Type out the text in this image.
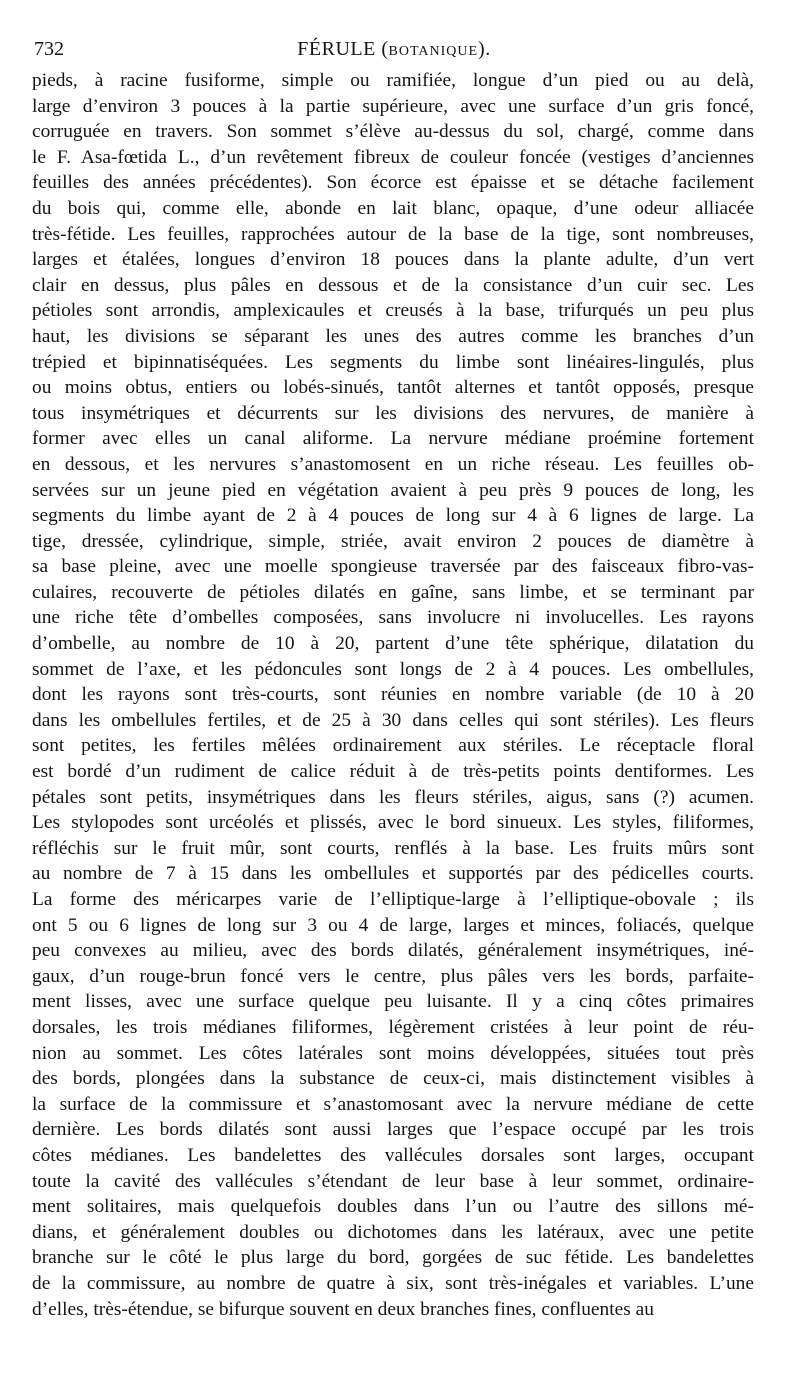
732	FÉRULE (BOTANIQUE).
pieds, à racine fusiforme, simple ou ramifiée, longue d’un pied ou au delà,
large d’environ 3 pouces à la partie supérieure, avec une surface d’un gris foncé,
corruguée en travers. Son sommet s’élève au-dessus du sol, chargé, comme dans
le F. Asa-fœtida L., d’un revêtement fibreux de couleur foncée (vestiges d’anciennes
feuilles des années précédentes). Son écorce est épaisse et se détache facilement
du bois qui, comme elle, abonde en lait blanc, opaque, d’une odeur alliacée
très-fétide. Les feuilles, rapprochées autour de la base de la tige, sont nombreuses,
larges et étalées, longues d’environ 18 pouces dans la plante adulte, d’un vert
clair en dessus, plus pâles en dessous et de la consistance d’un cuir sec. Les
pétioles sont arrondis, amplexicaules et creusés à la base, trifurqués un peu plus
haut, les divisions se séparant les unes des autres comme les branches d’un
trépied et bipinnatiséquées. Les segments du limbe sont linéaires-lingulés, plus
ou moins obtus, entiers ou lobés-sinués, tantôt alternes et tantôt opposés, presque
tous insymétriques et décurrents sur les divisions des nervures, de manière à
former avec elles un canal aliforme. La nervure médiane proémine fortement
en dessous, et les nervures s’anastomosent en un riche réseau. Les feuilles ob-
servées sur un jeune pied en végétation avaient à peu près 9 pouces de long, les
segments du limbe ayant de 2 à 4 pouces de long sur 4 à 6 lignes de large. La
tige, dressée, cylindrique, simple, striée, avait environ 2 pouces de diamètre à
sa base pleine, avec une moelle spongieuse traversée par des faisceaux fibro-vas-
culaires, recouverte de pétioles dilatés en gaîne, sans limbe, et se terminant par
une riche tête d’ombelles composées, sans involucre ni involucelles. Les rayons
d’ombelle, au nombre de 10 à 20, partent d’une tête sphérique, dilatation du
sommet de l’axe, et les pédoncules sont longs de 2 à 4 pouces. Les ombellules,
dont les rayons sont très-courts, sont réunies en nombre variable (de 10 à 20
dans les ombellules fertiles, et de 25 à 30 dans celles qui sont stériles). Les fleurs
sont petites, les fertiles mêlées ordinairement aux stériles. Le réceptacle floral
est bordé d’un rudiment de calice réduit à de très-petits points dentiformes. Les
pétales sont petits, insymétriques dans les fleurs stériles, aigus, sans (?) acumen.
Les stylopodes sont urcéolés et plissés, avec le bord sinueux. Les styles, filiformes,
réfléchis sur le fruit mûr, sont courts, renflés à la base. Les fruits mûrs sont
au nombre de 7 à 15 dans les ombellules et supportés par des pédicelles courts.
La forme des méricarpes varie de l’elliptique-large à l’elliptique-obovale ; ils
ont 5 ou 6 lignes de long sur 3 ou 4 de large, larges et minces, foliacés, quelque
peu convexes au milieu, avec des bords dilatés, généralement insymétriques, iné-
gaux, d’un rouge-brun foncé vers le centre, plus pâles vers les bords, parfaite-
ment lisses, avec une surface quelque peu luisante. Il y a cinq côtes primaires
dorsales, les trois médianes filiformes, légèrement cristées à leur point de réu-
nion au sommet. Les côtes latérales sont moins développées, situées tout près
des bords, plongées dans la substance de ceux-ci, mais distinctement visibles à
la surface de la commissure et s’anastomosant avec la nervure médiane de cette
dernière. Les bords dilatés sont aussi larges que l’espace occupé par les trois
côtes médianes. Les bandelettes des vallécules dorsales sont larges, occupant
toute la cavité des vallécules s’étendant de leur base à leur sommet, ordinaire-
ment solitaires, mais quelquefois doubles dans l’un ou l’autre des sillons mé-
dians, et généralement doubles ou dichotomes dans les latéraux, avec une petite
branche sur le côté le plus large du bord, gorgées de suc fétide. Les bandelettes
de la commissure, au nombre de quatre à six, sont très-inégales et variables. L’une
d’elles, très-étendue, se bifurque souvent en deux branches fines, confluentes au
